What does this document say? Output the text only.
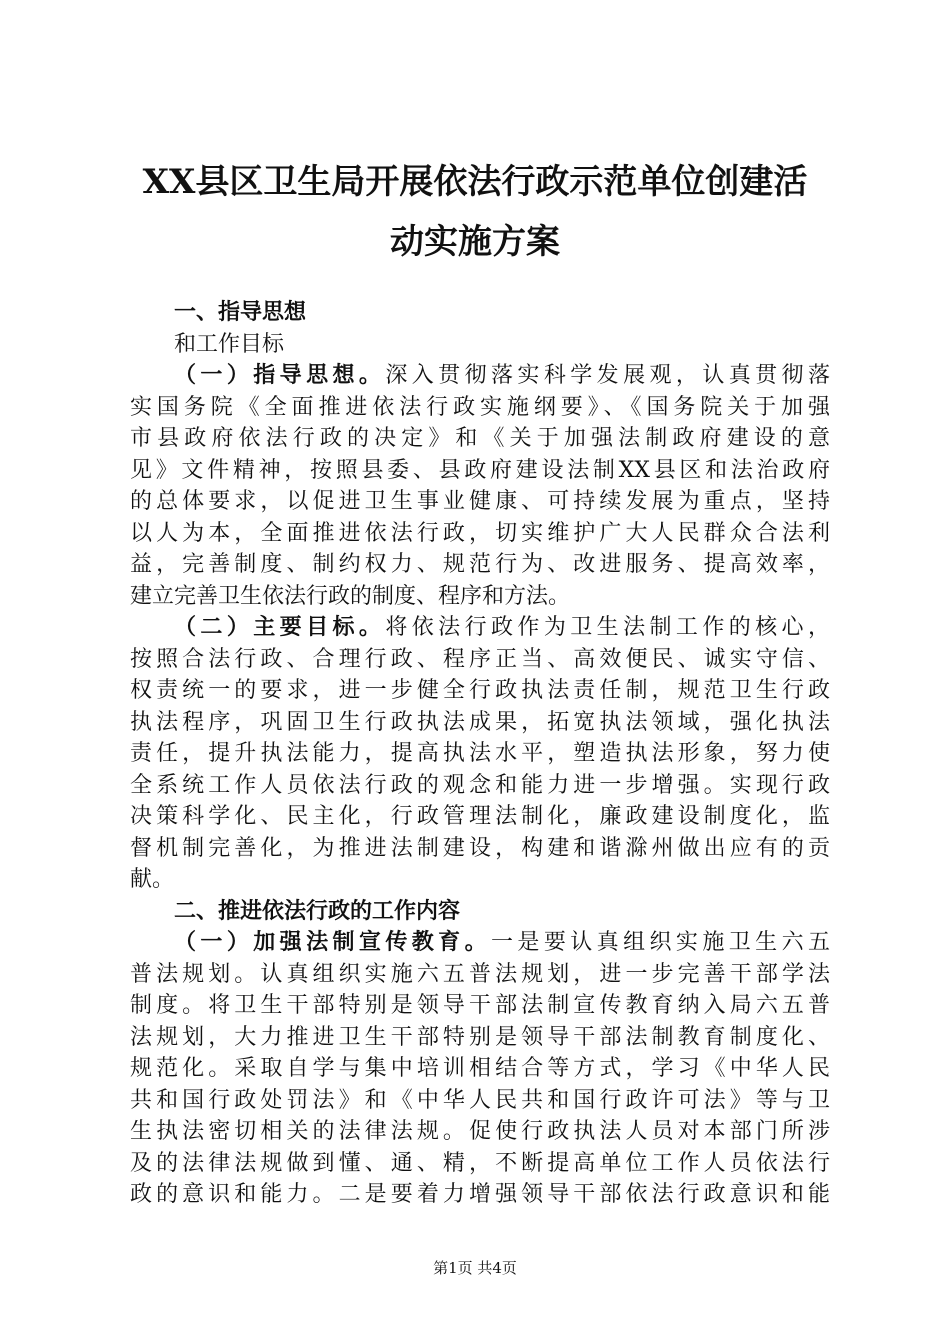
XX县区卫生局开展依法行政示范单位创建活
动实施方案
一、指导思想
和工作目标
（一）指导思想。深入贯彻落实科学发展观，认真贯彻落
实国务院《全面推进依法行政实施纲要》、《国务院关于加强
市县政府依法行政的决定》和《关于加强法制政府建设的意
见》文件精神，按照县委、县政府建设法制XX县区和法治政府
的总体要求，以促进卫生事业健康、可持续发展为重点，坚持
以人为本，全面推进依法行政，切实维护广大人民群众合法利
益，完善制度、制约权力、规范行为、改进服务、提高效率，
建立完善卫生依法行政的制度、程序和方法。
（二）主要目标。将依法行政作为卫生法制工作的核心，
按照合法行政、合理行政、程序正当、高效便民、诚实守信、
权责统一的要求，进一步健全行政执法责任制，规范卫生行政
执法程序，巩固卫生行政执法成果，拓宽执法领域，强化执法
责任，提升执法能力，提高执法水平，塑造执法形象，努力使
全系统工作人员依法行政的观念和能力进一步增强。实现行政
决策科学化、民主化，行政管理法制化，廉政建设制度化，监
督机制完善化，为推进法制建设，构建和谐滁州做出应有的贡
献。
二、推进依法行政的工作内容
（一）加强法制宣传教育。一是要认真组织实施卫生六五
普法规划。认真组织实施六五普法规划，进一步完善干部学法
制度。将卫生干部特别是领导干部法制宣传教育纳入局六五普
法规划，大力推进卫生干部特别是领导干部法制教育制度化、
规范化。采取自学与集中培训相结合等方式，学习《中华人民
共和国行政处罚法》和《中华人民共和国行政许可法》等与卫
生执法密切相关的法律法规。促使行政执法人员对本部门所涉
及的法律法规做到懂、通、精，不断提高单位工作人员依法行
政的意识和能力。二是要着力增强领导干部依法行政意识和能
第1页 共4页
